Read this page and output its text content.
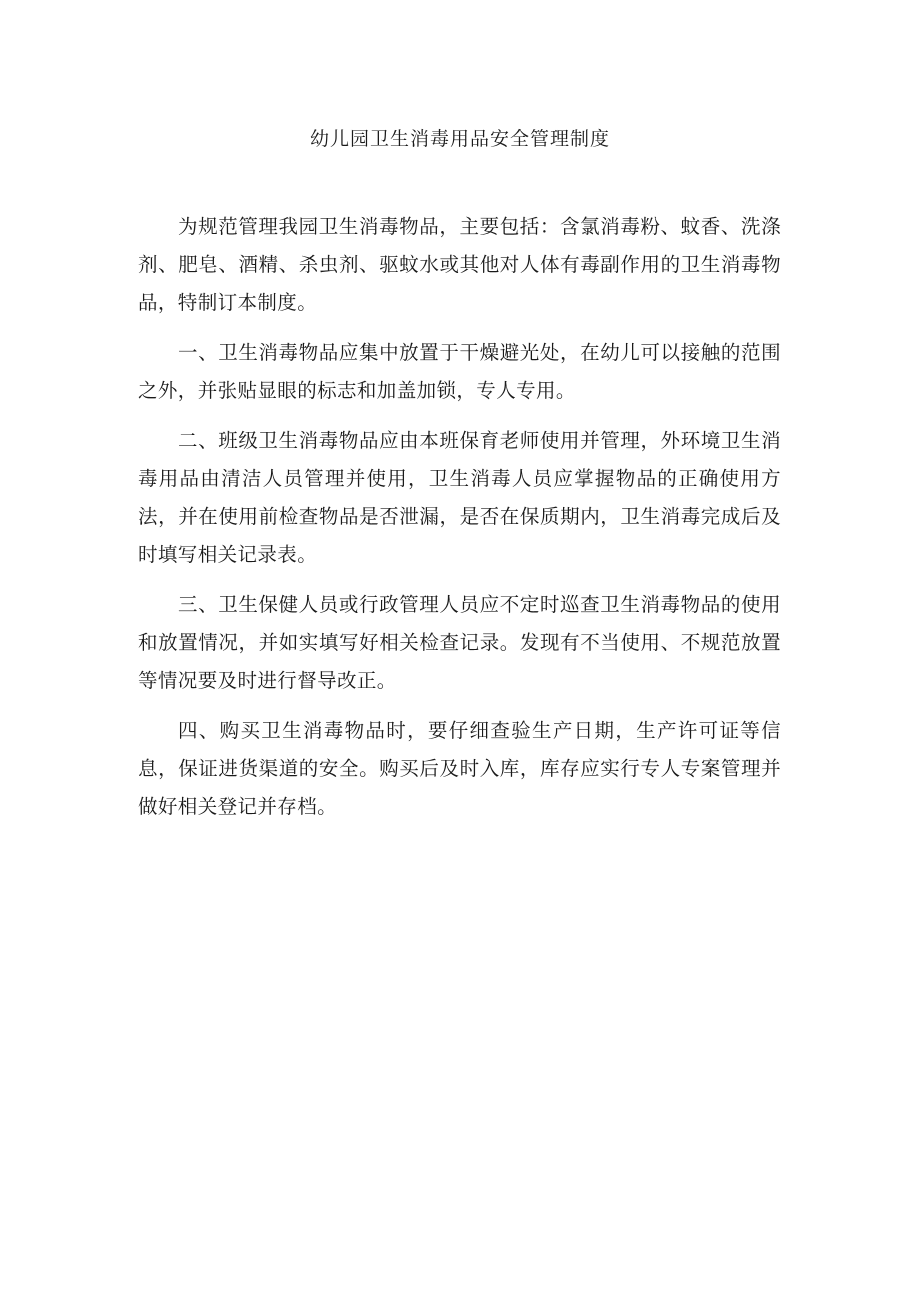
幼儿园卫生消毒用品安全管理制度

为规范管理我园卫生消毒物品，主要包括：含氯消毒粉、蚊香、洗涤剂、肥皂、酒精、杀虫剂、驱蚊水或其他对人体有毒副作用的卫生消毒物品，特制订本制度。

一、卫生消毒物品应集中放置于干燥避光处，在幼儿可以接触的范围之外，并张贴显眼的标志和加盖加锁，专人专用。

二、班级卫生消毒物品应由本班保育老师使用并管理，外环境卫生消毒用品由清洁人员管理并使用，卫生消毒人员应掌握物品的正确使用方法，并在使用前检查物品是否泄漏，是否在保质期内，卫生消毒完成后及时填写相关记录表。

三、卫生保健人员或行政管理人员应不定时巡查卫生消毒物品的使用和放置情况，并如实填写好相关检查记录。发现有不当使用、不规范放置等情况要及时进行督导改正。

四、购买卫生消毒物品时，要仔细查验生产日期，生产许可证等信息，保证进货渠道的安全。购买后及时入库，库存应实行专人专案管理并做好相关登记并存档。
